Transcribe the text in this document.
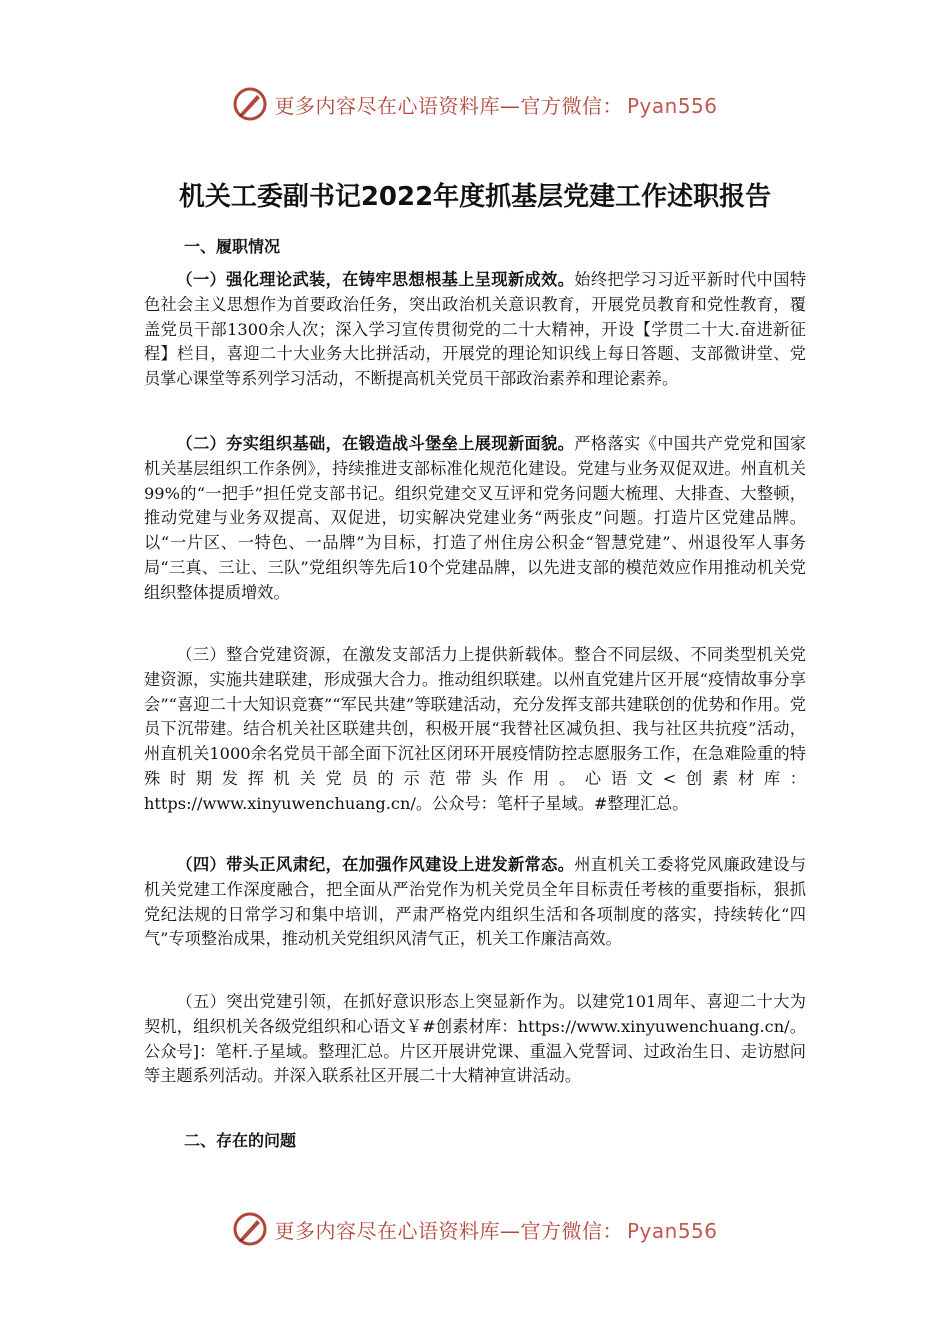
更多内容尽在心语资料库—官方微信： Pyan556
机关工委副书记2022年度抓基层党建工作述职报告
一、履职情况

（一）强化理论武装，在铸牢思想根基上呈现新成效。始终把学习习近平新时代中国特色社会主义思想作为首要政治任务，突出政治机关意识教育，开展党员教育和党性教育，覆盖党员干部1300余人次；深入学习宣传贯彻党的二十大精神，开设【学贯二十大.奋进新征程】栏目，喜迎二十大业务大比拼活动，开展党的理论知识线上每日答题、支部微讲堂、党员掌心课堂等系列学习活动，不断提高机关党员干部政治素养和理论素养。

（二）夯实组织基础，在锻造战斗堡垒上展现新面貌。严格落实《中国共产党党和国家机关基层组织工作条例》，持续推进支部标准化规范化建设。党建与业务双促双进。州直机关99%的“一把手”担任党支部书记。组织党建交叉互评和党务问题大梳理、大排查、大整顿，推动党建与业务双提高、双促进，切实解决党建业务“两张皮”问题。打造片区党建品牌。以“一片区、一特色、一品牌”为目标，打造了州住房公积金“智慧党建”、州退役军人事务局“三真、三让、三队”党组织等先后10个党建品牌，以先进支部的模范效应作用推动机关党组织整体提质增效。

（三）整合党建资源，在激发支部活力上提供新载体。整合不同层级、不同类型机关党建资源，实施共建联建，形成强大合力。推动组织联建。以州直党建片区开展“疫情故事分享会”“喜迎二十大知识竞赛”“军民共建”等联建活动，充分发挥支部共建联创的优势和作用。党员下沉带建。结合机关社区联建共创，积极开展“我替社区减负担、我与社区共抗疫”活动，州直机关1000余名党员干部全面下沉社区闭环开展疫情防控志愿服务工作，在急难险重的特殊时期发挥机关党员的示范带头作用。心语文<创素材库：https://www.xinyuwenchuang.cn/。公众号：笔杆子星域。#整理汇总。

（四）带头正风肃纪，在加强作风建设上进发新常态。州直机关工委将党风廉政建设与机关党建工作深度融合，把全面从严治党作为机关党员全年目标责任考核的重要指标，狠抓党纪法规的日常学习和集中培训，严肃严格党内组织生活和各项制度的落实，持续转化“四气”专项整治成果，推动机关党组织风清气正，机关工作廉洁高效。

（五）突出党建引领，在抓好意识形态上突显新作为。以建党101周年、喜迎二十大为契机，组织机关各级党组织和心语文￥#创素材库：https://www.xinyuwenchuang.cn/。公众号]：笔杆.子星域。整理汇总。片区开展讲党课、重温入党誓词、过政治生日、走访慰问等主题系列活动。并深入联系社区开展二十大精神宣讲活动。

二、存在的问题
更多内容尽在心语资料库—官方微信： Pyan556
